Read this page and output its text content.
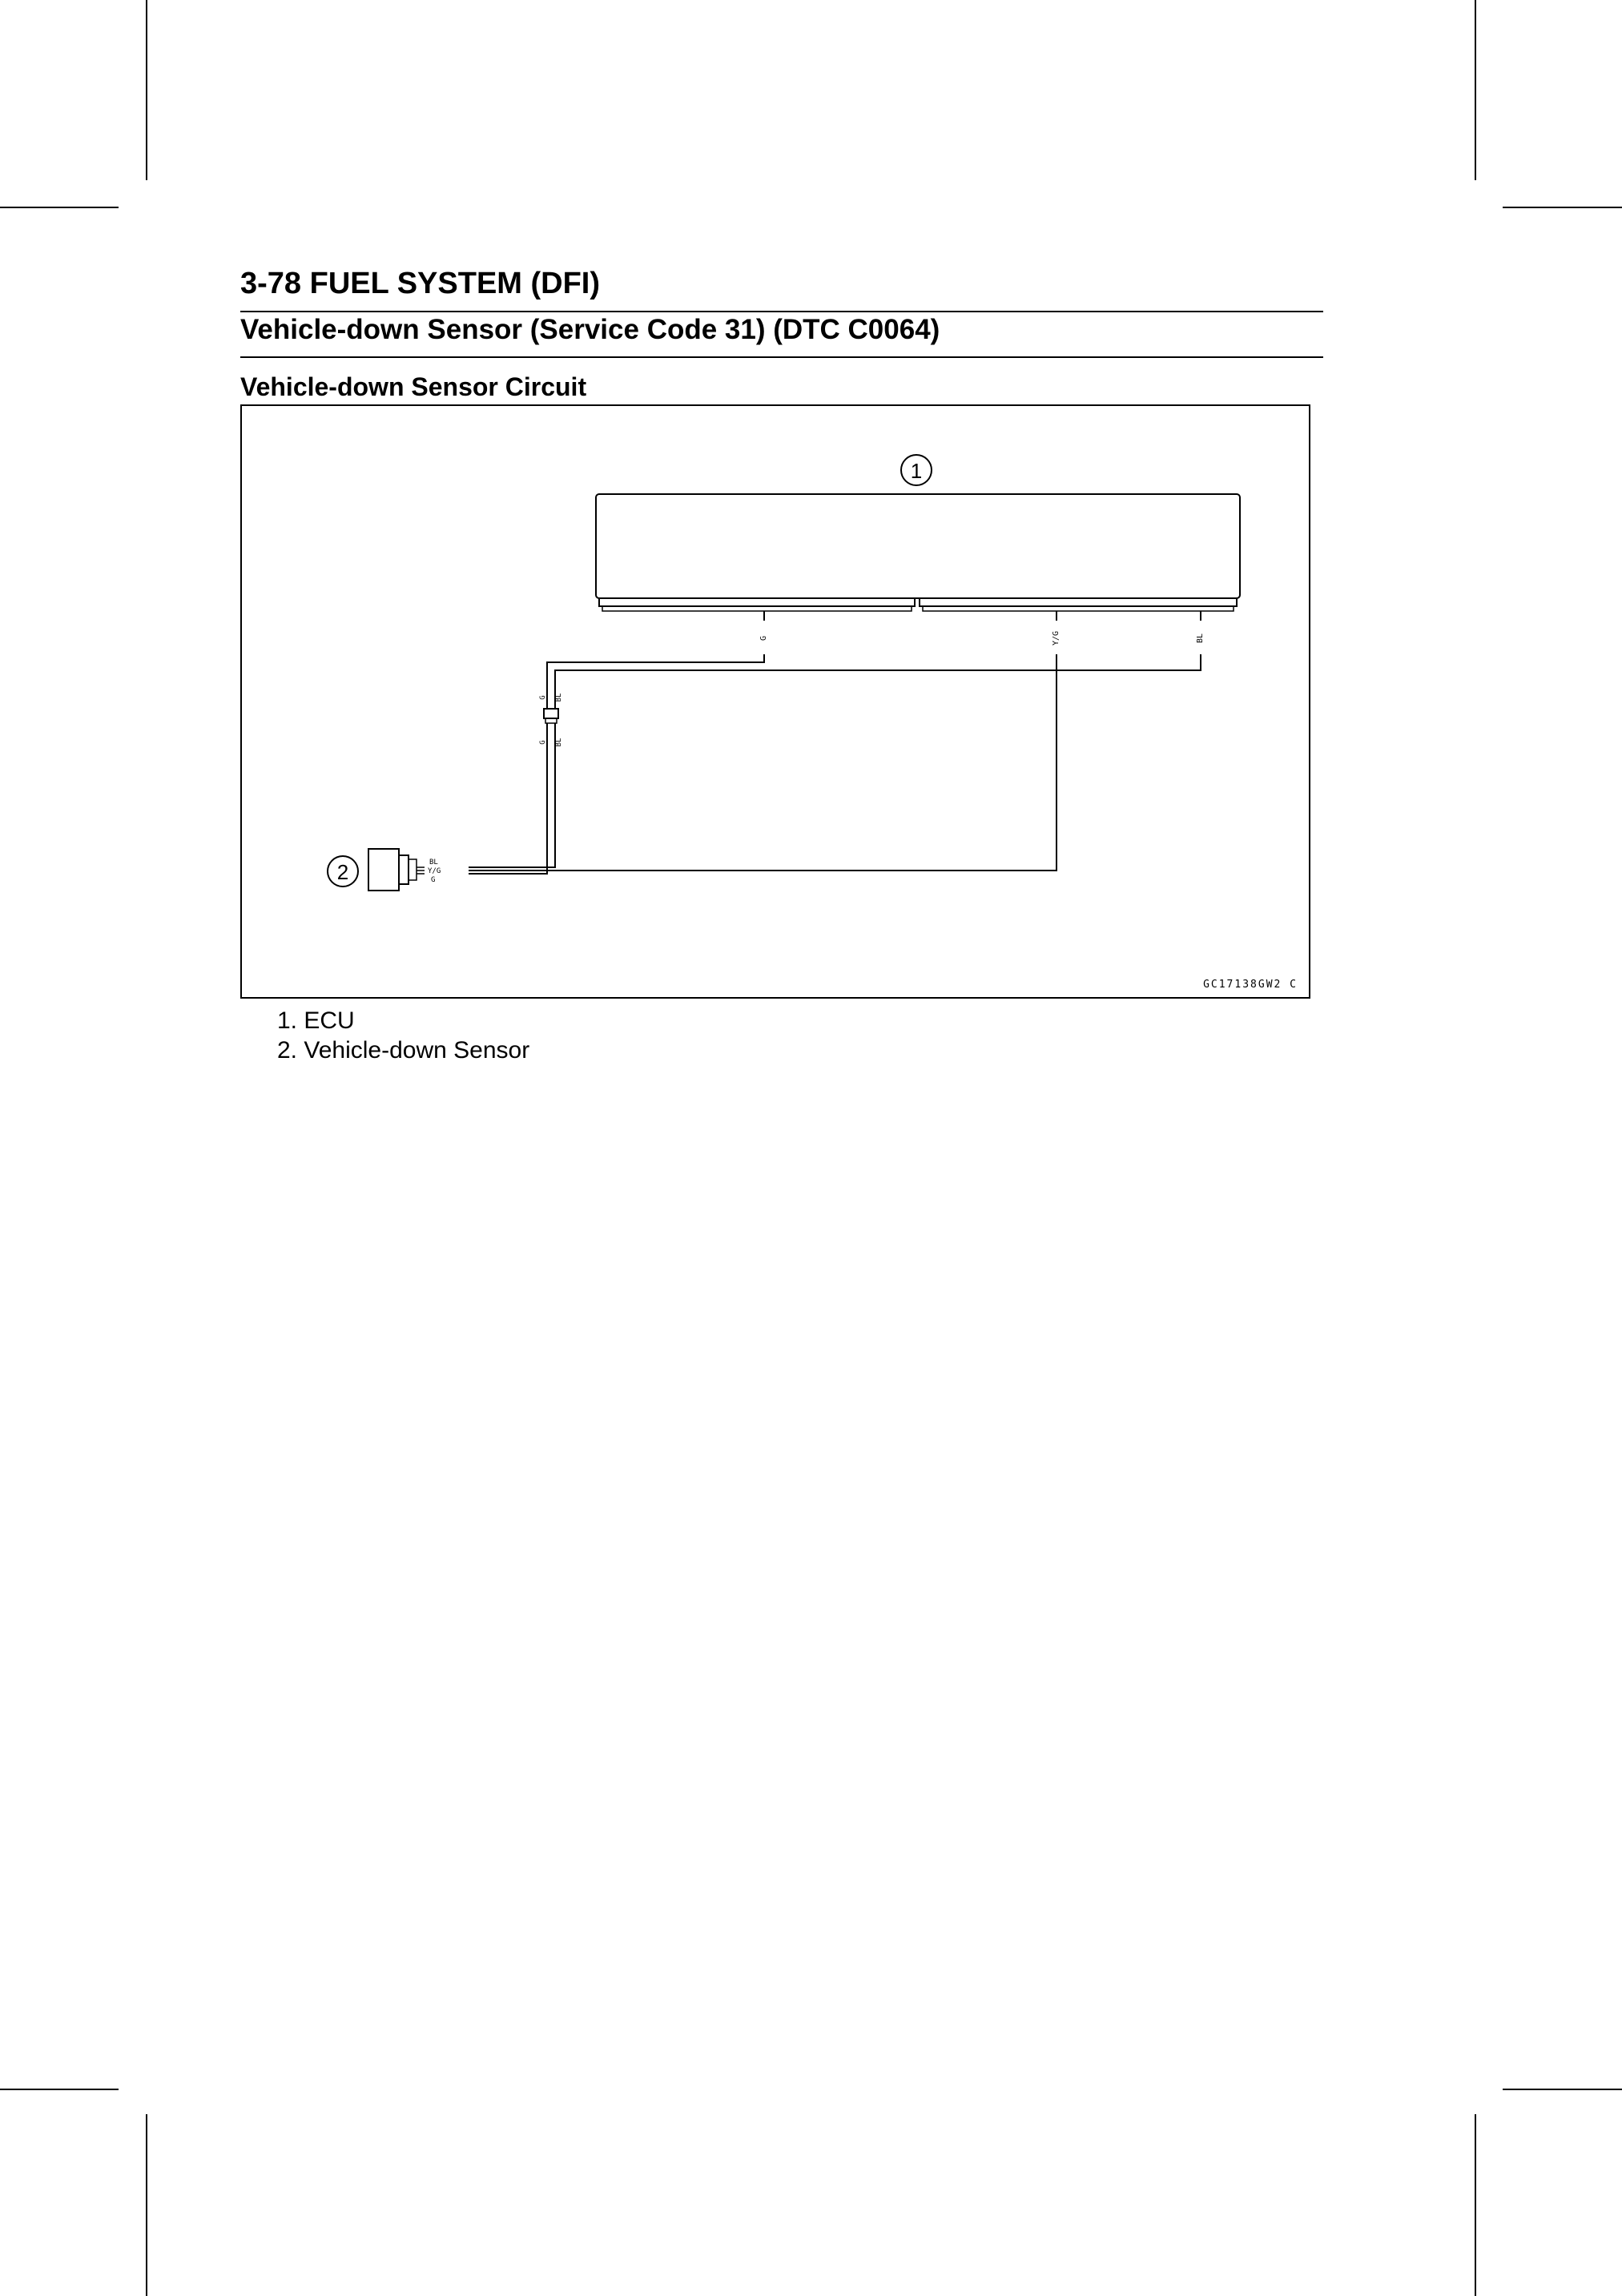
3-78 FUEL SYSTEM (DFI)
Vehicle-down Sensor (Service Code 31) (DTC C0064)
Vehicle-down Sensor Circuit
1
G	Y/G	BL
G BL
G BL
BL
Y/G
G
2
GC17138GW2 C
1. ECU
2. Vehicle-down Sensor
